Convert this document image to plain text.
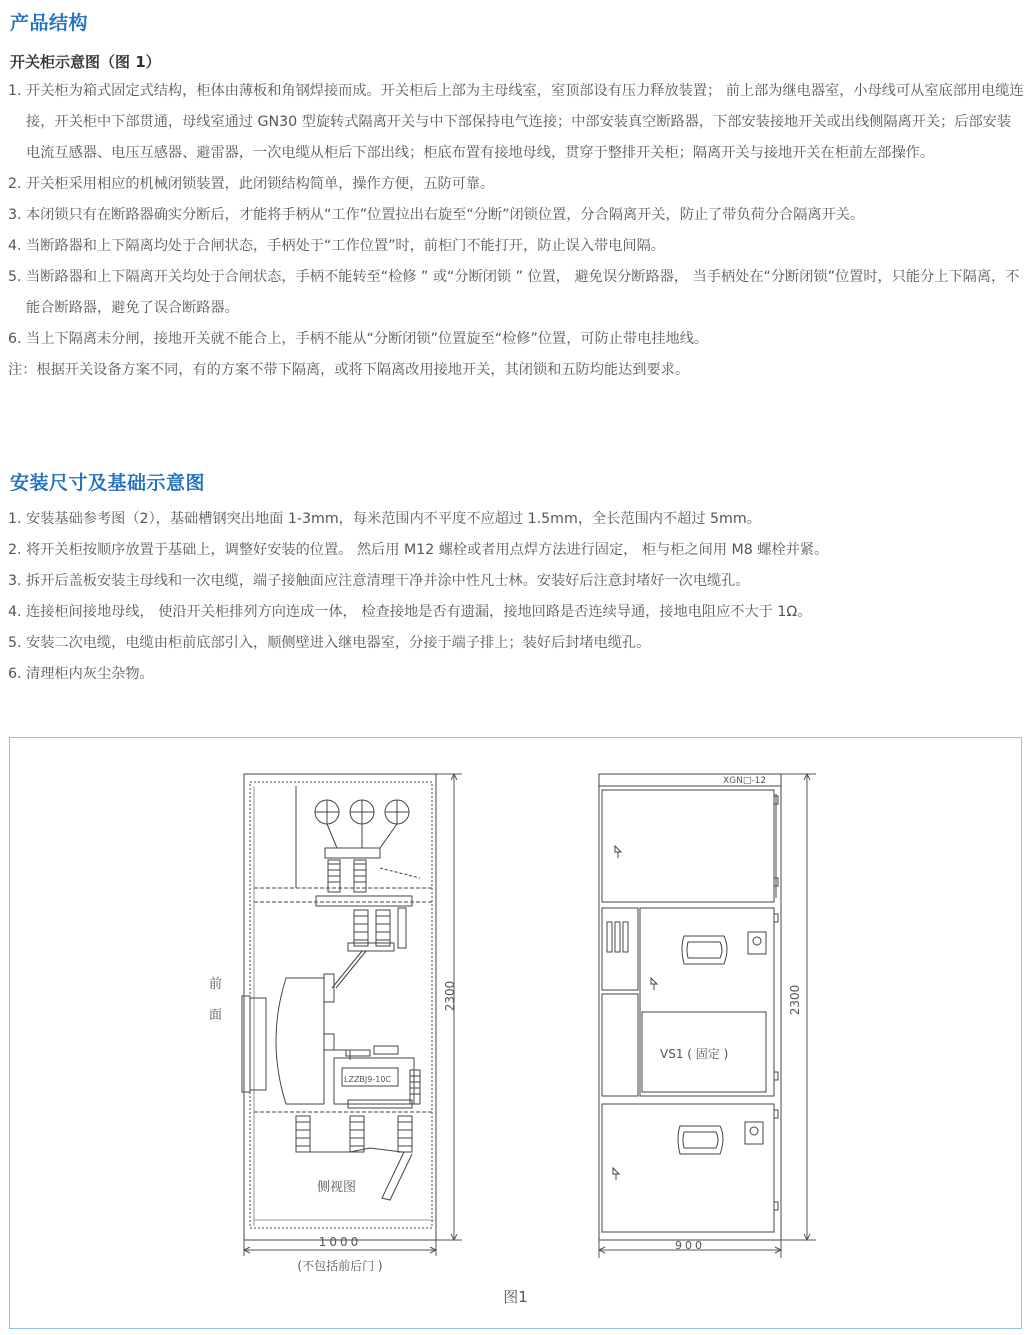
产品结构
开关柜示意图（图 1）

1. 开关柜为箱式固定式结构，柜体由薄板和角钢焊接而成。开关柜后上部为主母线室，室顶部设有压力释放装置； 前上部为继电器室，小母线可从室底部用电缆连接，开关柜中下部贯通，母线室通过 GN30 型旋转式隔离开关与中下部保持电气连接；中部安装真空断路器，下部安装接地开关或出线侧隔离开关；后部安装电流互感器、电压互感器、避雷器，一次电缆从柜后下部出线；柜底布置有接地母线，贯穿于整排开关柜；隔离开关与接地开关在柜前左部操作。

2. 开关柜采用相应的机械闭锁装置，此闭锁结构简单，操作方便，五防可靠。

3. 本闭锁只有在断路器确实分断后，才能将手柄从“工作”位置拉出右旋至“分断”闭锁位置，分合隔离开关，防止了带负荷分合隔离开关。

4. 当断路器和上下隔离均处于合闸状态，手柄处于“工作位置”时，前柜门不能打开，防止误入带电间隔。

5. 当断路器和上下隔离开关均处于合闸状态，手柄不能转至“检修 ” 或“分断闭锁 ” 位置， 避免误分断路器， 当手柄处在“分断闭锁”位置时，只能分上下隔离，不能合断路器，避免了误合断路器。

6. 当上下隔离未分闸，接地开关就不能合上，手柄不能从“分断闭锁”位置旋至“检修”位置，可防止带电挂地线。

注：根据开关设备方案不同，有的方案不带下隔离，或将下隔离改用接地开关，其闭锁和五防均能达到要求。

安装尺寸及基础示意图

1. 安装基础参考图（2），基础槽钢突出地面 1-3mm，每米范围内不平度不应超过 1.5mm，全长范围内不超过 5mm。

2. 将开关柜按顺序放置于基础上，调整好安装的位置。 然后用 M12 螺栓或者用点焊方法进行固定， 柜与柜之间用 M8 螺栓并紧。

3. 拆开后盖板安装主母线和一次电缆，端子接触面应注意清理干净并涂中性凡士林。安装好后注意封堵好一次电缆孔。

4. 连接柜间接地母线， 使沿开关柜排列方向连成一体， 检查接地是否有遗漏，接地回路是否连续导通，接地电阻应不大于 1Ω。

5. 安装二次电缆，电缆由柜前底部引入，顺侧壁进入继电器室，分接于端子排上；装好后封堵电缆孔。

6. 清理柜内灰尘杂物。

前
面
LZZBJ9-10C
侧视图
2300
1000
(不包括前后门 )
XGN□-12
VS1 ( 固定 )
2300
900
图1
